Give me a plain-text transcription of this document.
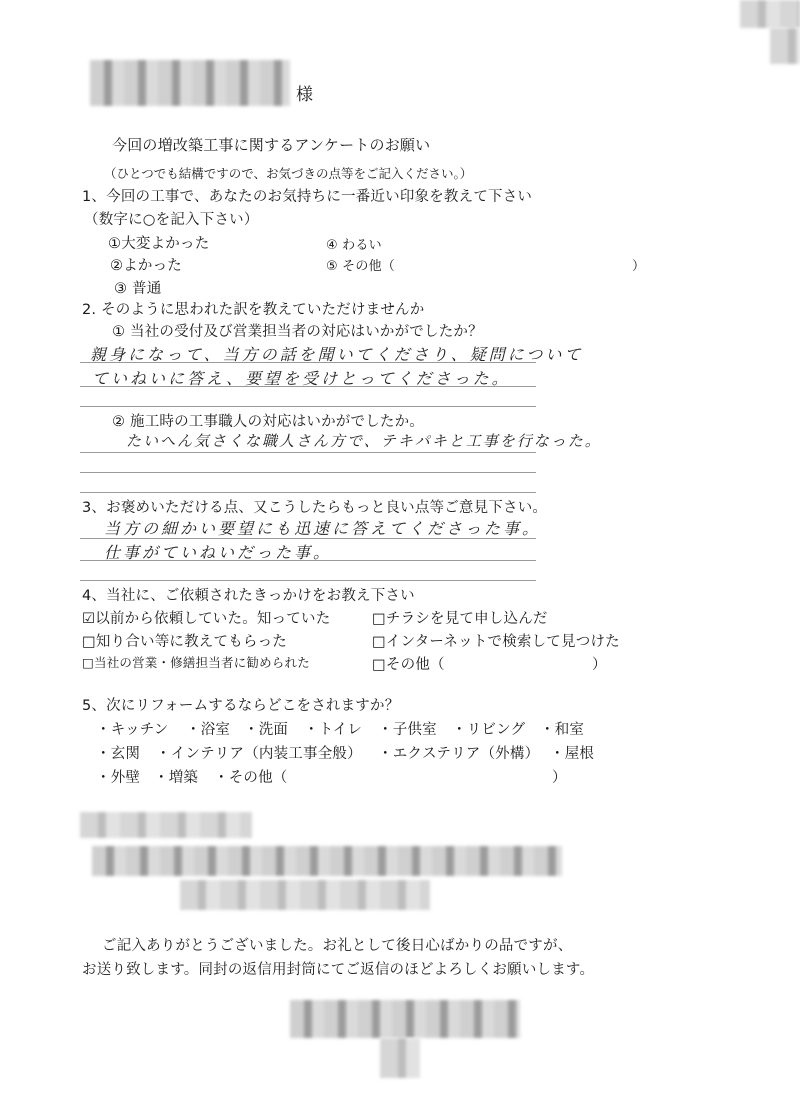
様
今回の増改築工事に関するアンケートのお願い
（ひとつでも結構ですので、お気づきの点等をご記入ください。）
1、今回の工事で、あなたのお気持ちに一番近い印象を教えて下さい
（数字に○を記入下さい）
①大変よかった
②よかった
③ 普通
④ わるい
⑤ その他（	）
2. そのように思われた訳を教えていただけませんか
① 当社の受付及び営業担当者の対応はいかがでしたか？
親身になって、当方の話を聞いてくださり、疑問について
ていねいに答え、要望を受けとってくださった。
② 施工時の工事職人の対応はいかがでしたか。
たいへん気さくな職人さん方で、テキパキと工事を行なった。
3、お褒めいただける点、又こうしたらもっと良い点等ご意見下さい。
当方の細かい要望にも迅速に答えてくださった事。
仕事がていねいだった事。
4、当社に、ご依頼されたきっかけをお教え下さい
☑以前から依頼していた。知っていた	□チラシを見て申し込んだ
□知り合い等に教えてもらった	□インターネットで検索して見つけた
□当社の営業・修繕担当者に勧められた	□その他（	）
5、次にリフォームするならどこをされますか？
・キッチン ・浴室 ・洗面 ・トイレ ・子供室 ・リビング ・和室
・玄関 ・インテリア（内装工事全般） ・エクステリア（外構） ・屋根
・外壁 ・増築 ・その他（	）
ご記入ありがとうございました。お礼として後日心ばかりの品ですが、
お送り致します。同封の返信用封筒にてご返信のほどよろしくお願いします。
